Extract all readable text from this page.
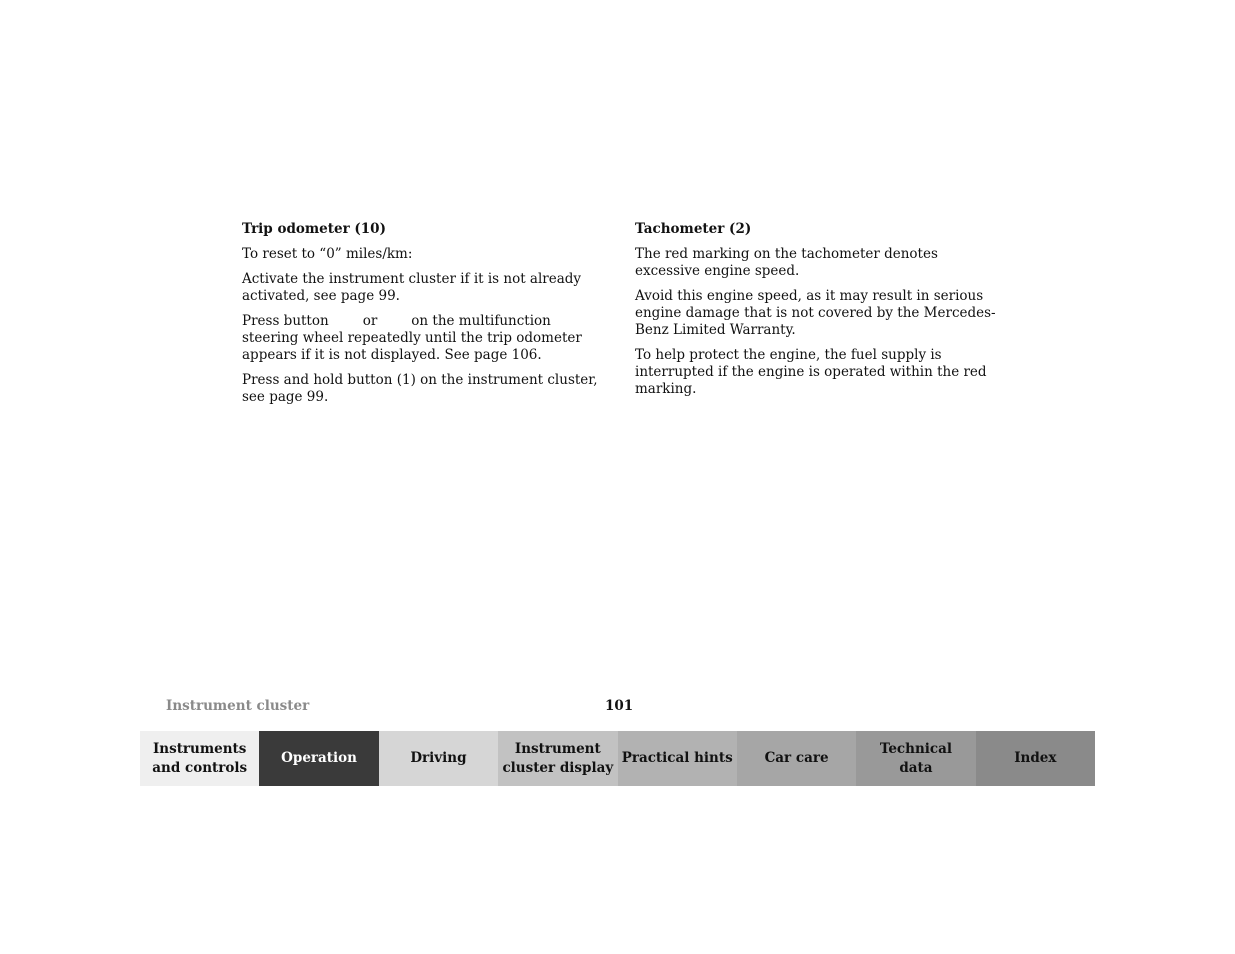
Trip odometer (10)

To reset to “0” miles/km:

Activate the instrument cluster if it is not already activated, see page 99.

Press button	or	on the multifunction
steering wheel repeatedly until the trip odometer appears if it is not displayed. See page 106.

Press and hold button (1) on the instrument cluster, see page 99.

Tachometer (2)

The red marking on the tachometer denotes excessive engine speed.

Avoid this engine speed, as it may result in serious engine damage that is not covered by the Mercedes-Benz Limited Warranty.

To help protect the engine, the fuel supply is interrupted if the engine is operated within the red marking.

Instrument cluster	101
Instruments
and controls
Operation	Driving
Instrument
cluster display
Practical hints	Car care
Technical
data
Index
